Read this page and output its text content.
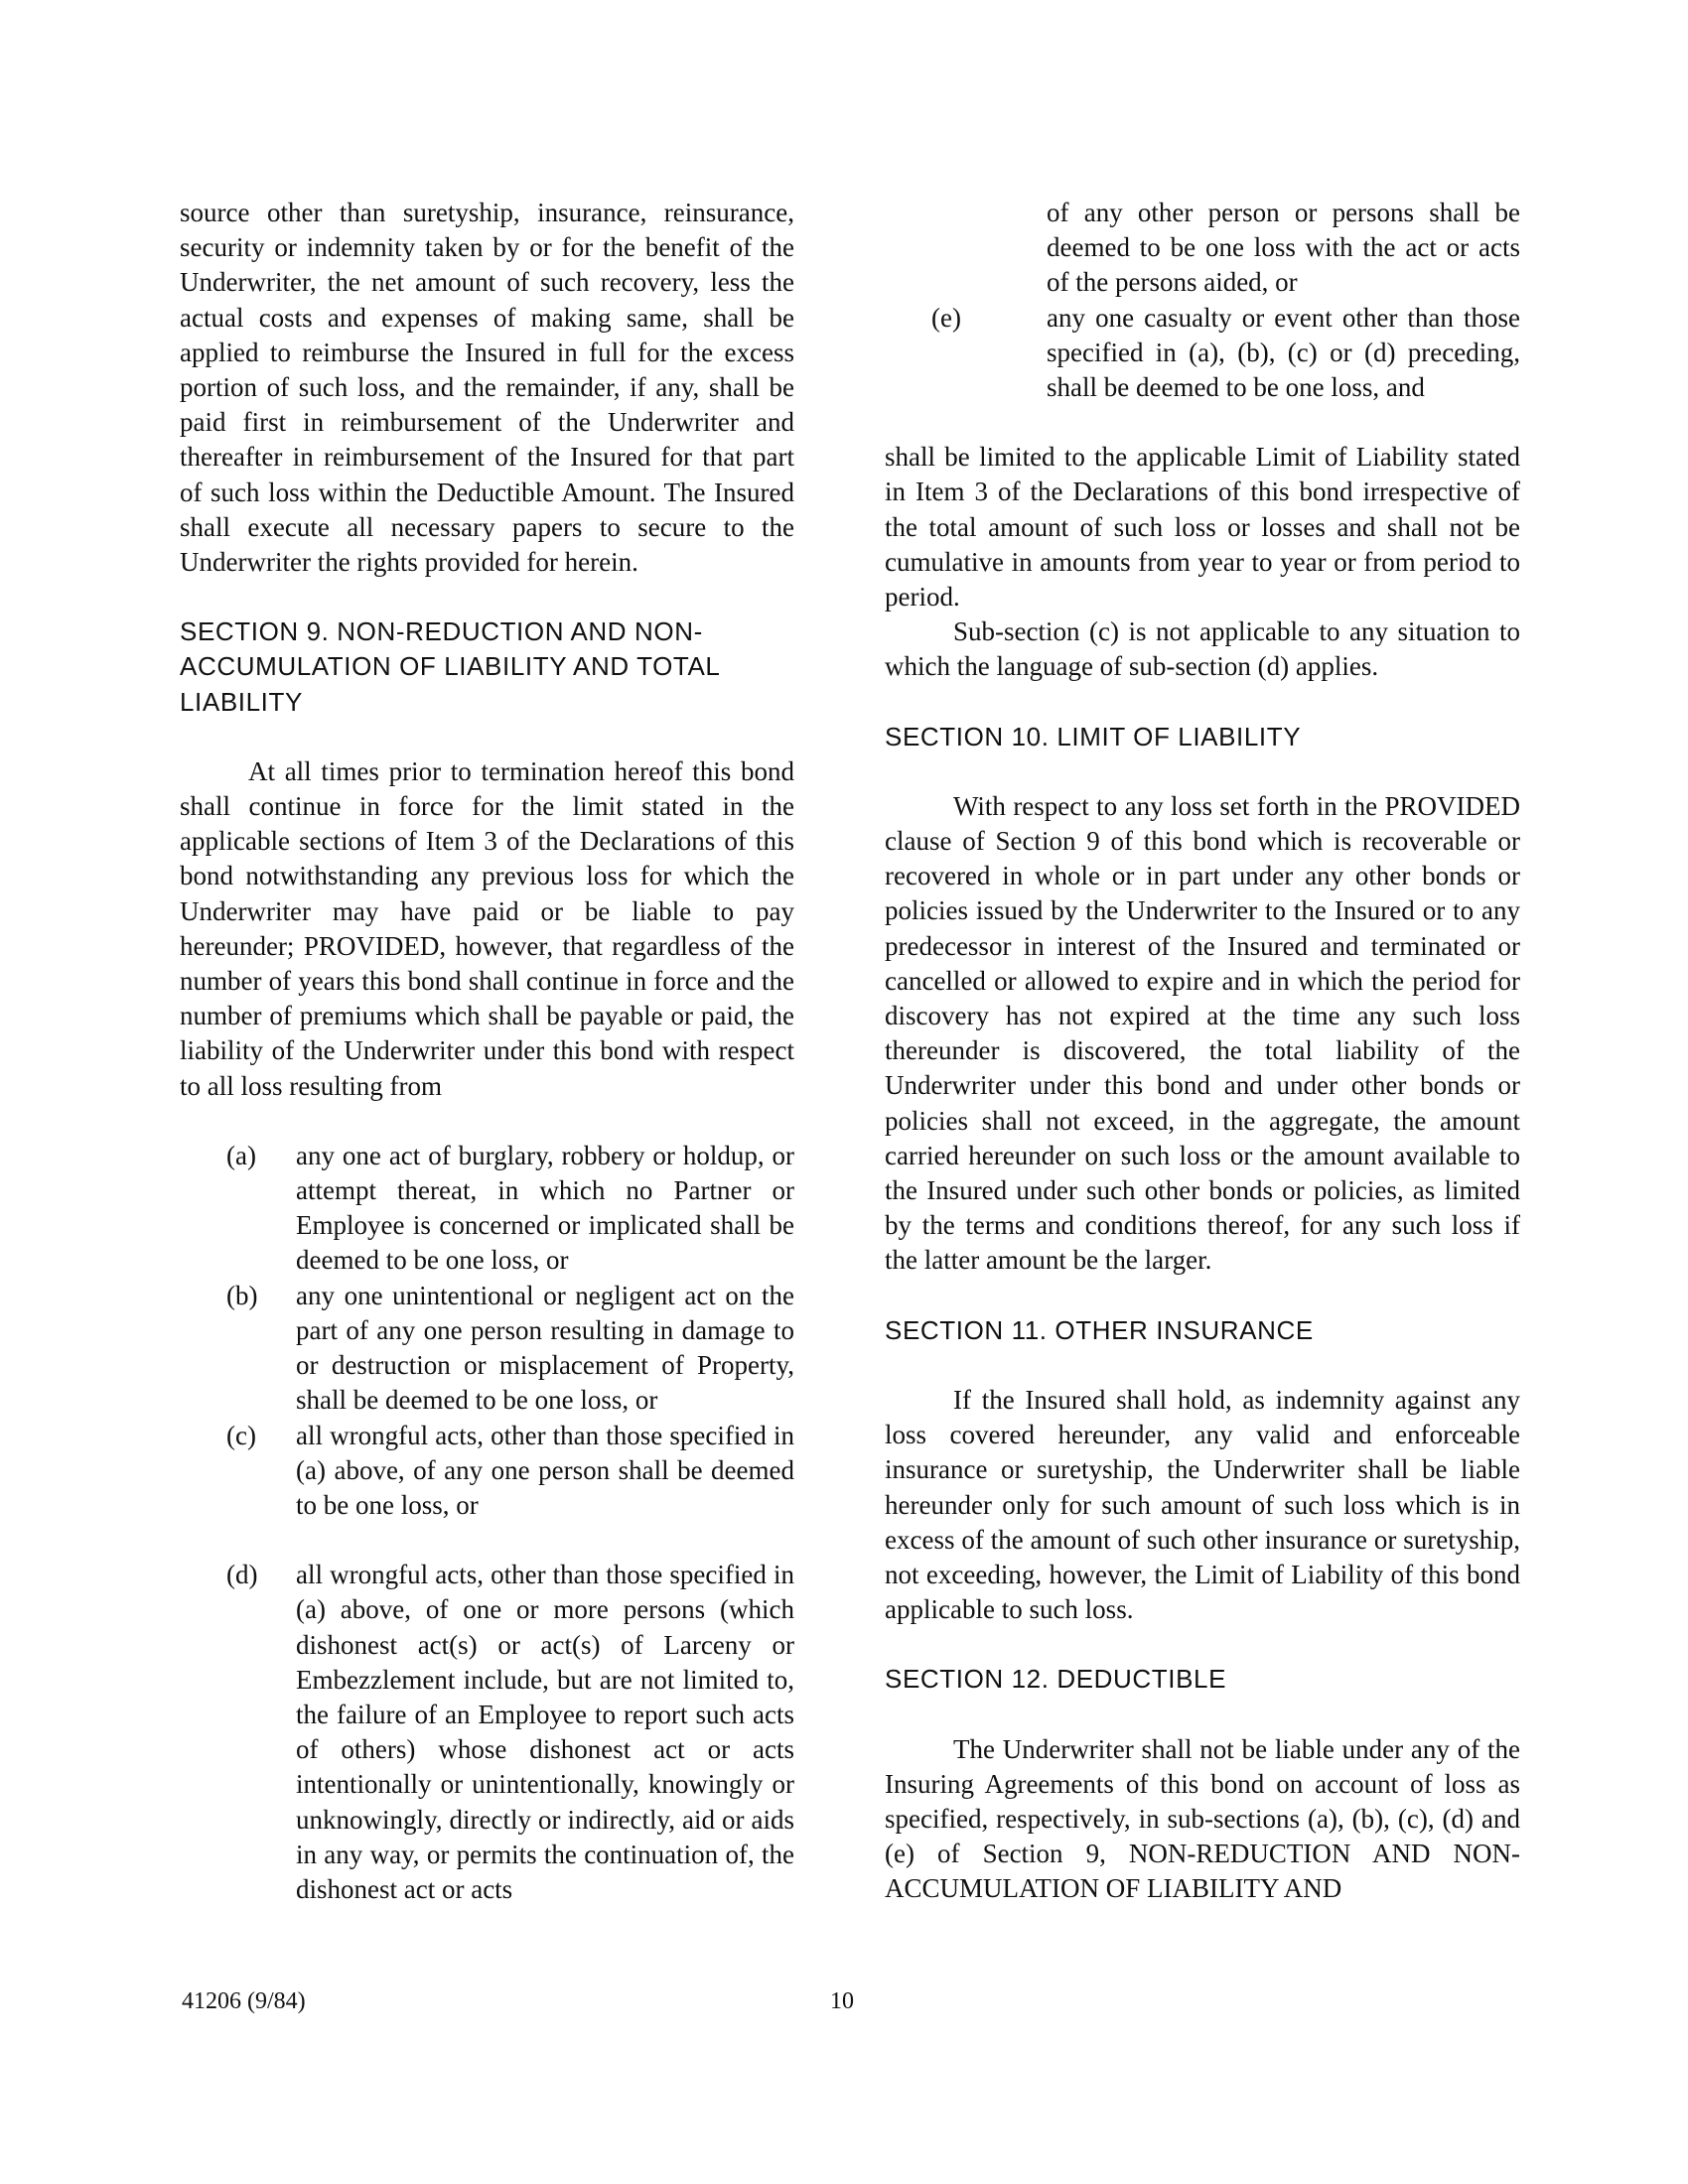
source other than suretyship, insurance, reinsurance, security or indemnity taken by or for the benefit of the Underwriter, the net amount of such recovery, less the actual costs and expenses of making same, shall be applied to reimburse the Insured in full for the excess portion of such loss, and the remainder, if any, shall be paid first in reimbursement of the Underwriter and thereafter in reimbursement of the Insured for that part of such loss within the Deductible Amount. The Insured shall execute all necessary papers to secure to the Underwriter the rights provided for herein.

SECTION 9. NON-REDUCTION AND NON-ACCUMULATION OF LIABILITY AND TOTAL LIABILITY

At all times prior to termination hereof this bond shall continue in force for the limit stated in the applicable sections of Item 3 of the Declarations of this bond notwithstanding any previous loss for which the Underwriter may have paid or be liable to pay hereunder; PROVIDED, however, that regardless of the number of years this bond shall continue in force and the number of premiums which shall be payable or paid, the liability of the Underwriter under this bond with respect to all loss resulting from

(a)	any one act of burglary, robbery or holdup, or attempt thereat, in which no Partner or Employee is concerned or implicated shall be deemed to be one loss, or
(b)	any one unintentional or negligent act on the part of any one person resulting in damage to or destruction or misplacement of Property, shall be deemed to be one loss, or
(c)	all wrongful acts, other than those specified in (a) above, of any one person shall be deemed to be one loss, or
(d)	all wrongful acts, other than those specified in (a) above, of one or more persons (which dishonest act(s) or act(s) of Larceny or Embezzlement include, but are not limited to, the failure of an Employee to report such acts of others) whose dishonest act or acts intentionally or unintentionally, knowingly or unknowingly, directly or indirectly, aid or aids in any way, or permits the continuation of, the dishonest act or acts
of any other person or persons shall be deemed to be one loss with the act or acts of the persons aided, or
(e)	any one casualty or event other than those specified in (a), (b), (c) or (d) preceding, shall be deemed to be one loss, and

shall be limited to the applicable Limit of Liability stated in Item 3 of the Declarations of this bond irrespective of the total amount of such loss or losses and shall not be cumulative in amounts from year to year or from period to period.

Sub-section (c) is not applicable to any situation to which the language of sub-section (d) applies.

SECTION 10. LIMIT OF LIABILITY

With respect to any loss set forth in the PROVIDED clause of Section 9 of this bond which is recoverable or recovered in whole or in part under any other bonds or policies issued by the Underwriter to the Insured or to any predecessor in interest of the Insured and terminated or cancelled or allowed to expire and in which the period for discovery has not expired at the time any such loss thereunder is discovered, the total liability of the Underwriter under this bond and under other bonds or policies shall not exceed, in the aggregate, the amount carried hereunder on such loss or the amount available to the Insured under such other bonds or policies, as limited by the terms and conditions thereof, for any such loss if the latter amount be the larger.

SECTION 11. OTHER INSURANCE

If the Insured shall hold, as indemnity against any loss covered hereunder, any valid and enforceable insurance or suretyship, the Underwriter shall be liable hereunder only for such amount of such loss which is in excess of the amount of such other insurance or suretyship, not exceeding, however, the Limit of Liability of this bond applicable to such loss.

SECTION 12. DEDUCTIBLE

The Underwriter shall not be liable under any of the Insuring Agreements of this bond on account of loss as specified, respectively, in sub-sections (a), (b), (c), (d) and (e) of Section 9, NON-REDUCTION AND NON- ACCUMULATION OF LIABILITY AND

41206 (9/84)	10
